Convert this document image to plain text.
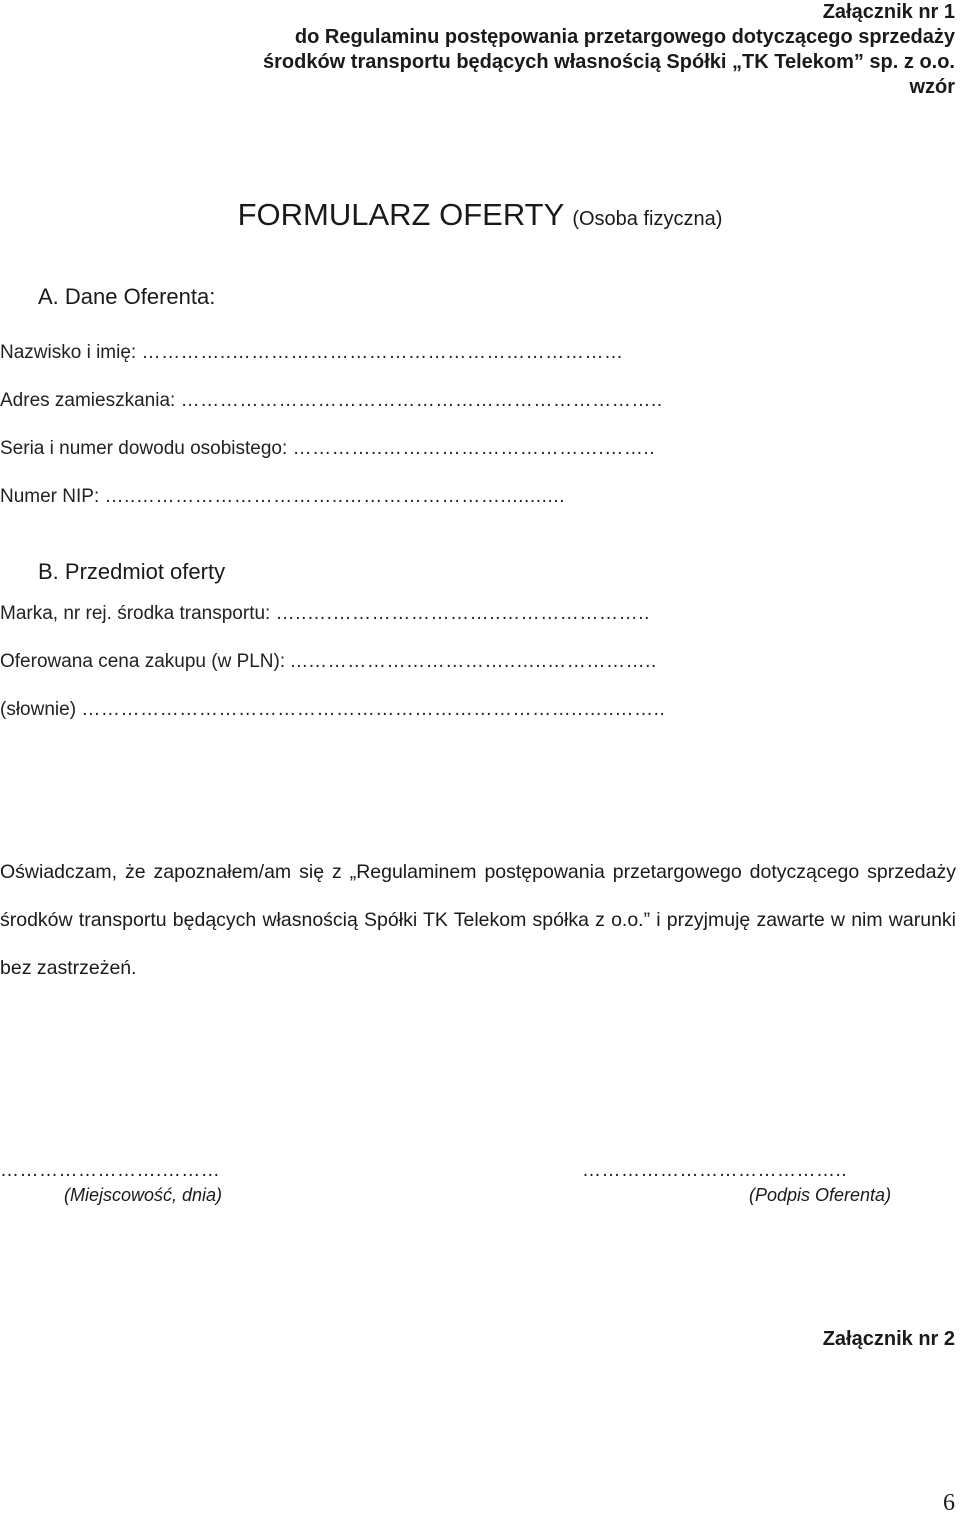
Załącznik nr 1
do Regulaminu postępowania przetargowego dotyczącego sprzedaży
środków transportu będących własnością Spółki „TK Telekom” sp. z o.o.
wzór
FORMULARZ OFERTY (Osoba fizyczna)
A. Dane Oferenta:
Nazwisko i imię: …………..……………………………………………………
Adres zamieszkania: ………………………………………………………………..
Seria i numer dowodu osobistego: …………..…………………………….……..
Numer NIP: …..…………………………..……………………...........
B. Przedmiot oferty
Marka, nr rej. środka transportu: …..….……………………..…………………..
Oferowana cena zakupu (w PLN): ...…………………………..…..……………..
(słownie) …………………………………………………………………..…..……..

Oświadczam, że zapoznałem/am się z „Regulaminem postępowania przetargowego dotyczącego sprzedaży środków transportu będących własnością Spółki TK Telekom spółka z o.o.” i przyjmuję zawarte w nim warunki bez zastrzeżeń.

…………………….………
(Miejscowość, dnia)
…………………………………..
(Podpis Oferenta)
Załącznik nr 2
6
